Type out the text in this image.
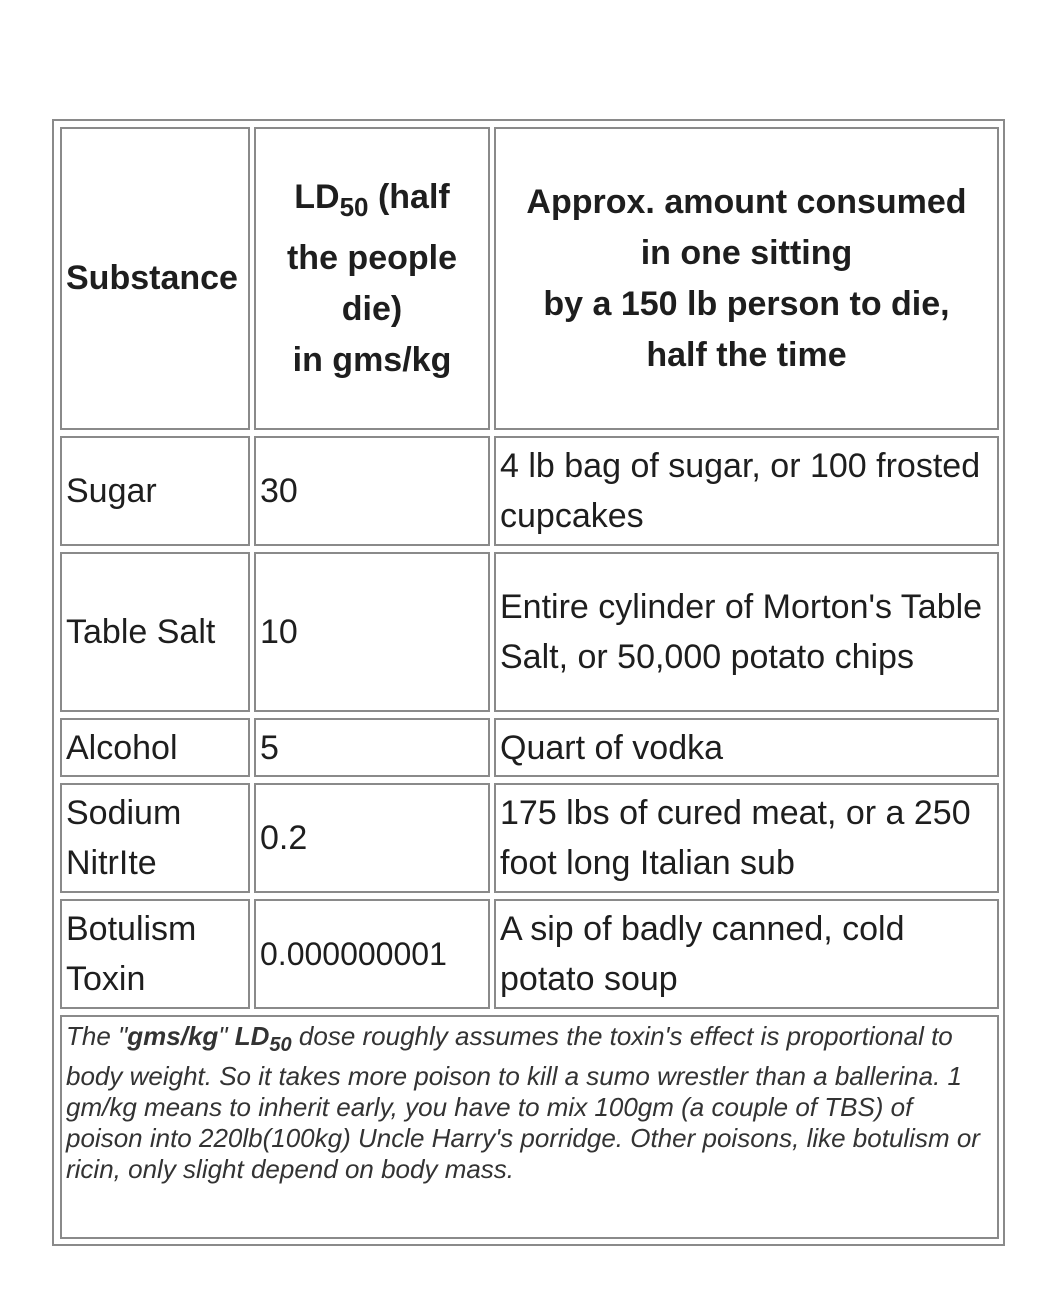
Substance
$LD_{50}$ (half
the people
die)
in gms/kg
Approx. amount consumed
in one sitting
by a 150 lb person to die,
half the time
Sugar	30
4 lb bag of sugar, or 100 frosted cupcakes
Table Salt 10
Entire cylinder of Morton's Table Salt, or 50,000 potato chips
Alcohol 5	Quart of vodka
Sodium NitrIte
0.2
175 lbs of cured meat, or a 250 foot long Italian sub
Botulism Toxin
0.000000001
A sip of badly canned, cold potato soup
The "gms/kg" $LD_{50}$ dose roughly assumes the toxin's effect is proportional to body weight. So it takes more poison to kill a sumo wrestler than a ballerina. 1 gm/kg means to inherit early, you have to mix 100gm (a couple of TBS) of poison into 220lb(100kg) Uncle Harry's porridge. Other poisons, like botulism or ricin, only slight depend on body mass.
